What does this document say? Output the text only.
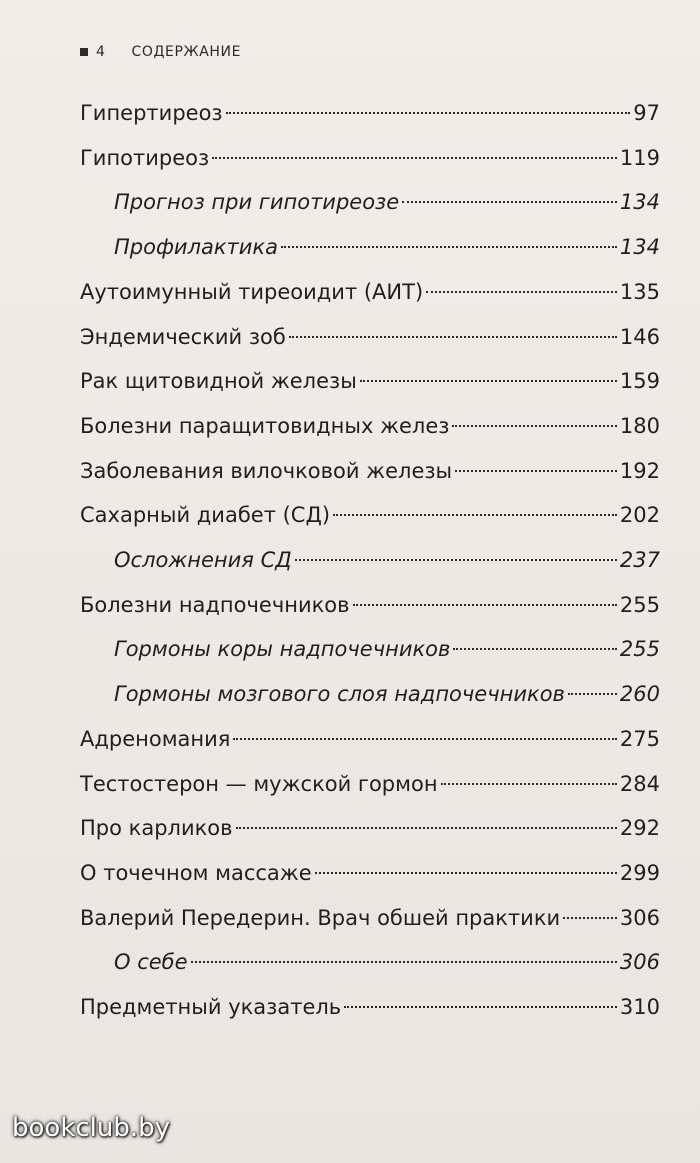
4 СОДЕРЖАНИЕ
Гипертиреоз	97
Гипотиреоз	119
Прогноз при гипотиреозе	134
Профилактика	134
Аутоимунный тиреоидит (АИТ)	135
Эндемический зоб	146
Рак щитовидной железы	159
Болезни паращитовидных желез	180
Заболевания вилочковой железы	192
Сахарный диабет (СД)	202
Осложнения СД	237
Болезни надпочечников	255
Гормоны коры надпочечников	255
Гормоны мозгового слоя надпочечников	260
Адреномания	275
Тестостерон — мужской гормон	284
Про карликов	292
О точечном массаже	299
Валерий Передерин. Врач обшей практики	306
О себе	306
Предметный указатель	310
bookclub.by
